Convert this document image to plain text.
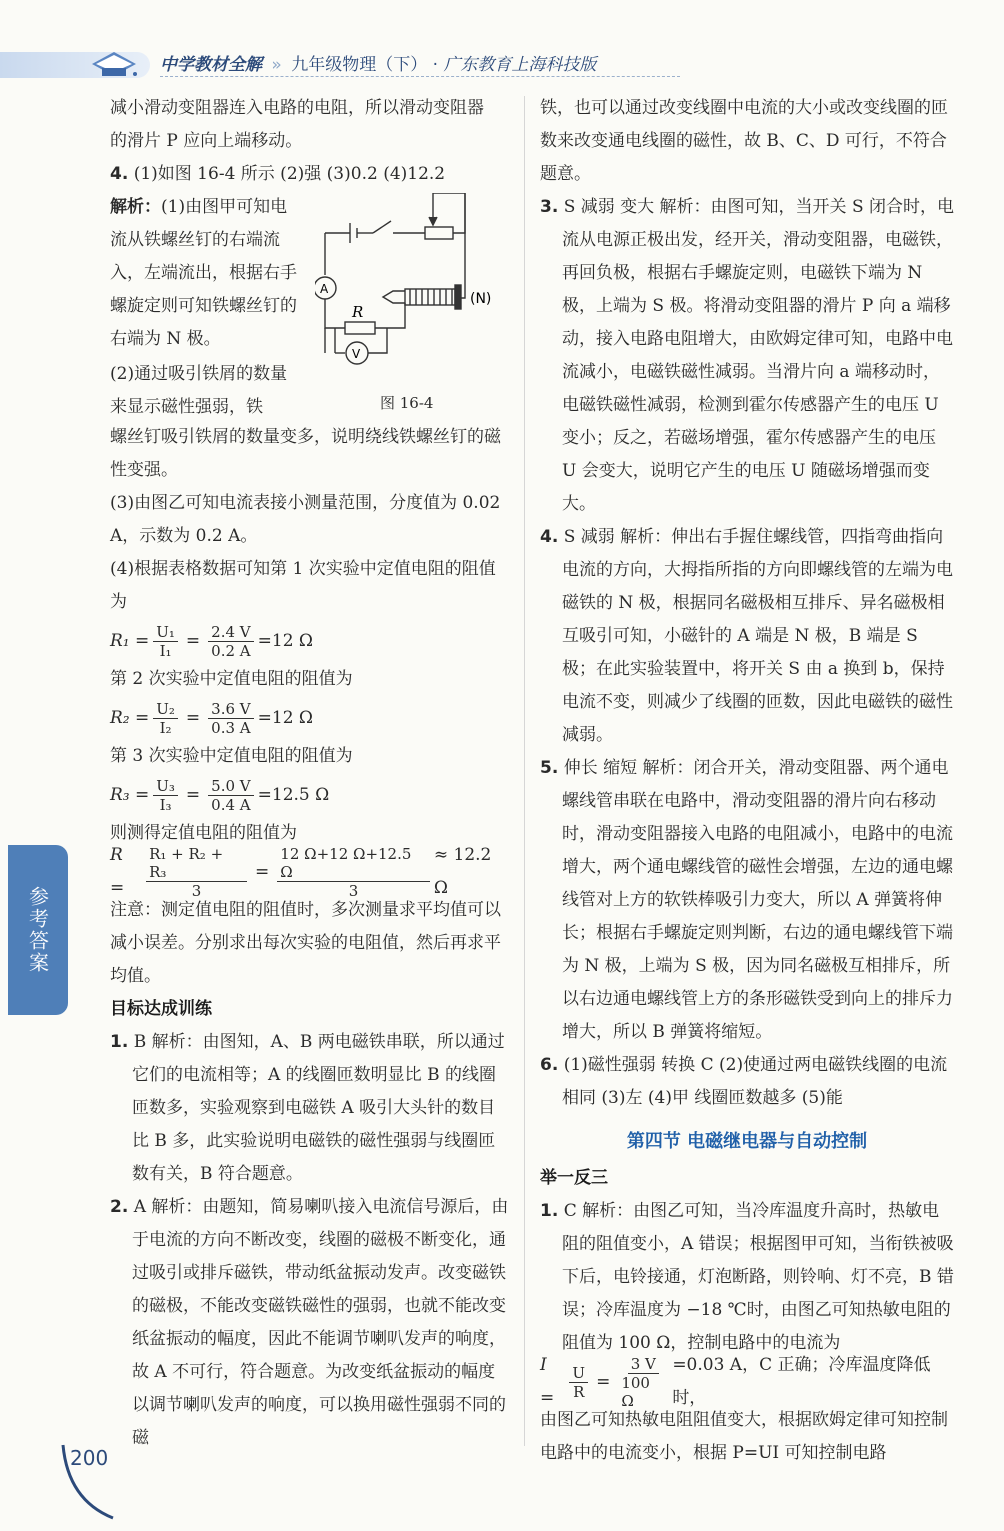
中学教材全解 » 九年级物理（下） · 广东教育上海科技版

减小滑动变阻器连入电路的电阻，所以滑动变阻器

的滑片 P 应向上端移动。

4. (1)如图 16-4 所示 (2)强 (3)0.2 (4)12.2

解析：(1)由图甲可知电流从铁螺丝钉的右端流入，左端流出，根据右手螺旋定则可知铁螺丝钉的右端为 N 极。
(2)通过吸引铁屑的数量来显示磁性强弱，铁
A
V
R
(N)
图 16-4

螺丝钉吸引铁屑的数量变多，说明绕线铁螺丝钉的磁性变强。

(3)由图乙可知电流表接小测量范围，分度值为 0.02 A，示数为 0.2 A。

(4)根据表格数据可知第 1 次实验中定值电阻的阻值为

$R_1 = \frac{\text{U₁}}{\text{I₁}} = \frac{2.4 V}{0.2 A} =12$ Ω

第 2 次实验中定值电阻的阻值为

$R_2 = \frac{\text{U₂}}{\text{I₂}} = \frac{3.6 V}{0.3 A} =12$ Ω

第 3 次实验中定值电阻的阻值为

$R_3 = \frac{\text{U₃}}{\text{I₃}} = \frac{5.0 V}{0.4 A} =12.5$ Ω

则测得定值电阻的阻值为

R =	$\frac{\text{R₁ + R₂ + R₃}}{3} = \frac{12 \Omega+12 \Omega+12.5 \Omega}{3} \approx 12.2$ Ω

注意：测定值电阻的阻值时，多次测量求平均值可以减小误差。分别求出每次实验的电阻值，然后再求平均值。

目标达成训练

1. B 解析：由图知，A、B 两电磁铁串联，所以通过它们的电流相等；A 的线圈匝数明显比 B 的线圈匝数多，实验观察到电磁铁 A 吸引大头针的数目比 B 多，此实验说明电磁铁的磁性强弱与线圈匝数有关，B 符合题意。

2. A 解析：由题知，简易喇叭接入电流信号源后，由于电流的方向不断改变，线圈的磁极不断变化，通过吸引或排斥磁铁，带动纸盆振动发声。改变磁铁的磁极，不能改变磁铁磁性的强弱，也就不能改变纸盆振动的幅度，因此不能调节喇叭发声的响度，故 A 不可行，符合题意。为改变纸盆振动的幅度以调节喇叭发声的响度，可以换用磁性强弱不同的磁

铁，也可以通过改变线圈中电流的大小或改变线圈的匝数来改变通电线圈的磁性，故 B、C、D 可行，不符合题意。

3. S 减弱 变大 解析：由图可知，当开关 S 闭合时，电流从电源正极出发，经开关，滑动变阻器，电磁铁，再回负极，根据右手螺旋定则，电磁铁下端为 N 极，上端为 S 极。将滑动变阻器的滑片 P 向 a 端移动，接入电路电阻增大，由欧姆定律可知，电路中电流减小，电磁铁磁性减弱。当滑片向 a 端移动时，电磁铁磁性减弱，检测到霍尔传感器产生的电压 U 变小；反之，若磁场增强，霍尔传感器产生的电压 U 会变大，说明它产生的电压 U 随磁场增强而变大。

4. S 减弱 解析：伸出右手握住螺线管，四指弯曲指向电流的方向，大拇指所指的方向即螺线管的左端为电磁铁的 N 极，根据同名磁极相互排斥、异名磁极相互吸引可知，小磁针的 A 端是 N 极，B 端是 S 极；在此实验装置中，将开关 S 由 a 换到 b，保持电流不变，则减少了线圈的匝数，因此电磁铁的磁性减弱。

5. 伸长 缩短 解析：闭合开关，滑动变阻器、两个通电螺线管串联在电路中，滑动变阻器的滑片向右移动时，滑动变阻器接入电路的电阻减小，电路中的电流增大，两个通电螺线管的磁性会增强，左边的通电螺线管对上方的软铁棒吸引力变大，所以 A 弹簧将伸长；根据右手螺旋定则判断，右边的通电螺线管下端为 N 极，上端为 S 极，因为同名磁极互相排斥，所以右边通电螺线管上方的条形磁铁受到向上的排斥力增大，所以 B 弹簧将缩短。

6. (1)磁性强弱 转换 C (2)使通过两电磁铁线圈的电流相同 (3)左 (4)甲 线圈匝数越多 (5)能

第四节 电磁继电器与自动控制

举一反三

1. C 解析：由图乙可知，当冷库温度升高时，热敏电阻的阻值变小，A 错误；根据图甲可知，当衔铁被吸下后，电铃接通，灯泡断路，则铃响、灯不亮，B 错误；冷库温度为 −18 ℃时，由图乙可知热敏电阻的阻值为 100 Ω，控制电路中的电流为

I =	$\frac{U}{R} = \frac{3 V}{100 \Omega} =0.03$ A，C 正确；冷库温度降低时，

由图乙可知热敏电阻阻值变大，根据欧姆定律可知控制电路中的电流变小，根据 P=UI 可知控制电路

参考答案
200
